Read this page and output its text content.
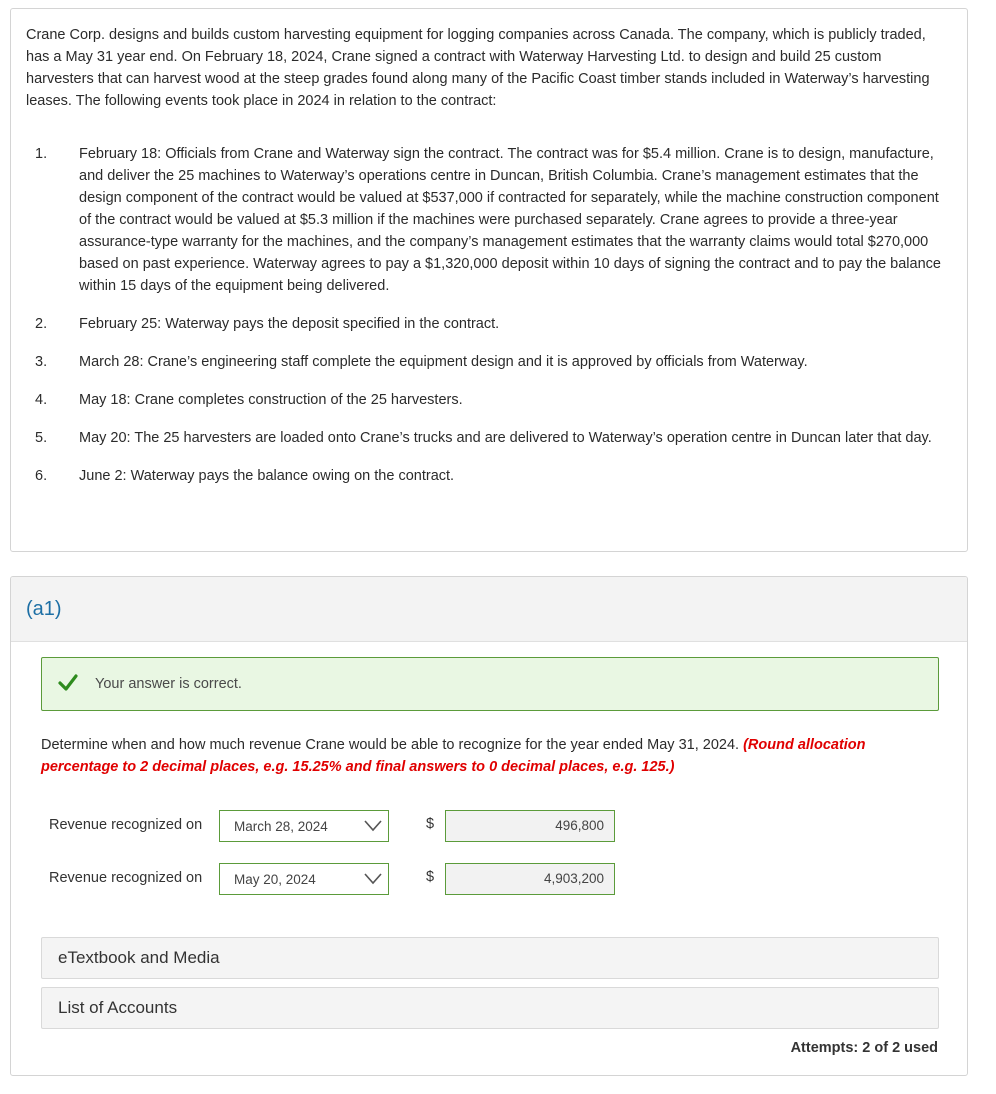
Crane Corp. designs and builds custom harvesting equipment for logging companies across Canada. The company, which is publicly traded, has a May 31 year end. On February 18, 2024, Crane signed a contract with Waterway Harvesting Ltd. to design and build 25 custom harvesters that can harvest wood at the steep grades found along many of the Pacific Coast timber stands included in Waterway’s harvesting leases. The following events took place in 2024 in relation to the contract:

1.	February 18: Officials from Crane and Waterway sign the contract. The contract was for $5.4 million. Crane is to design, manufacture, and deliver the 25 machines to Waterway’s operations centre in Duncan, British Columbia. Crane’s management estimates that the design component of the contract would be valued at $537,000 if contracted for separately, while the machine construction component of the contract would be valued at $5.3 million if the machines were purchased separately. Crane agrees to provide a three-year assurance-type warranty for the machines, and the company’s management estimates that the warranty claims would total $270,000 based on past experience. Waterway agrees to pay a $1,320,000 deposit within 10 days of signing the contract and to pay the balance within 15 days of the equipment being delivered.
2.	February 25: Waterway pays the deposit specified in the contract.
3.	March 28: Crane’s engineering staff complete the equipment design and it is approved by officials from Waterway.
4.	May 18: Crane completes construction of the 25 harvesters.
5.	May 20: The 25 harvesters are loaded onto Crane’s trucks and are delivered to Waterway’s operation centre in Duncan later that day.
6.	June 2: Waterway pays the balance owing on the contract.
(a1)
Your answer is correct.

Determine when and how much revenue Crane would be able to recognize for the year ended May 31, 2024. (Round allocation percentage to 2 decimal places, e.g. 15.25% and final answers to 0 decimal places, e.g. 125.)

Revenue recognized on March 28, 2024	$	496,800
Revenue recognized on May 20, 2024	$	4,903,200
eTextbook and Media
List of Accounts
Attempts: 2 of 2 used
